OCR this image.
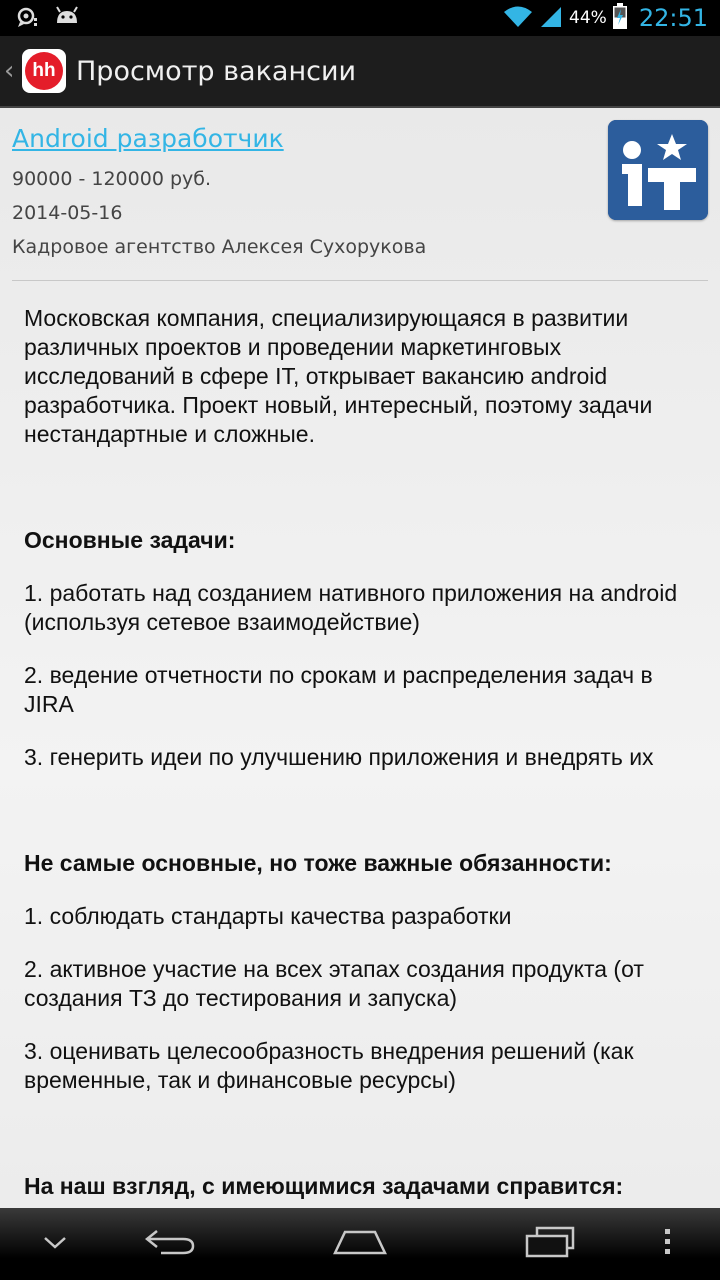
44% 22:51
‹ hh Просмотр вакансии
Android разработчик
90000 - 120000 руб.
2014-05-16
Кадровое агентство Алексея Сухорукова

Московская компания, специализирующаяся в развитии различных проектов и проведении маркетинговых исследований в сфере IT, открывает вакансию android разработчика. Проект новый, интересный, поэтому задачи нестандартные и сложные.

Основные задачи:

1. работать над созданием нативного приложения на android (используя сетевое взаимодействие)

2. ведение отчетности по срокам и распределения задач в JIRA

3. генерить идеи по улучшению приложения и внедрять их

Не самые основные, но тоже важные обязанности:

1. соблюдать стандарты качества разработки

2. активное участие на всех этапах создания продукта (от создания ТЗ до тестирования и запуска)

3. оценивать целесообразность внедрения решений (как временные, так и финансовые ресурсы)

На наш взгляд, с имеющимися задачами справится:
